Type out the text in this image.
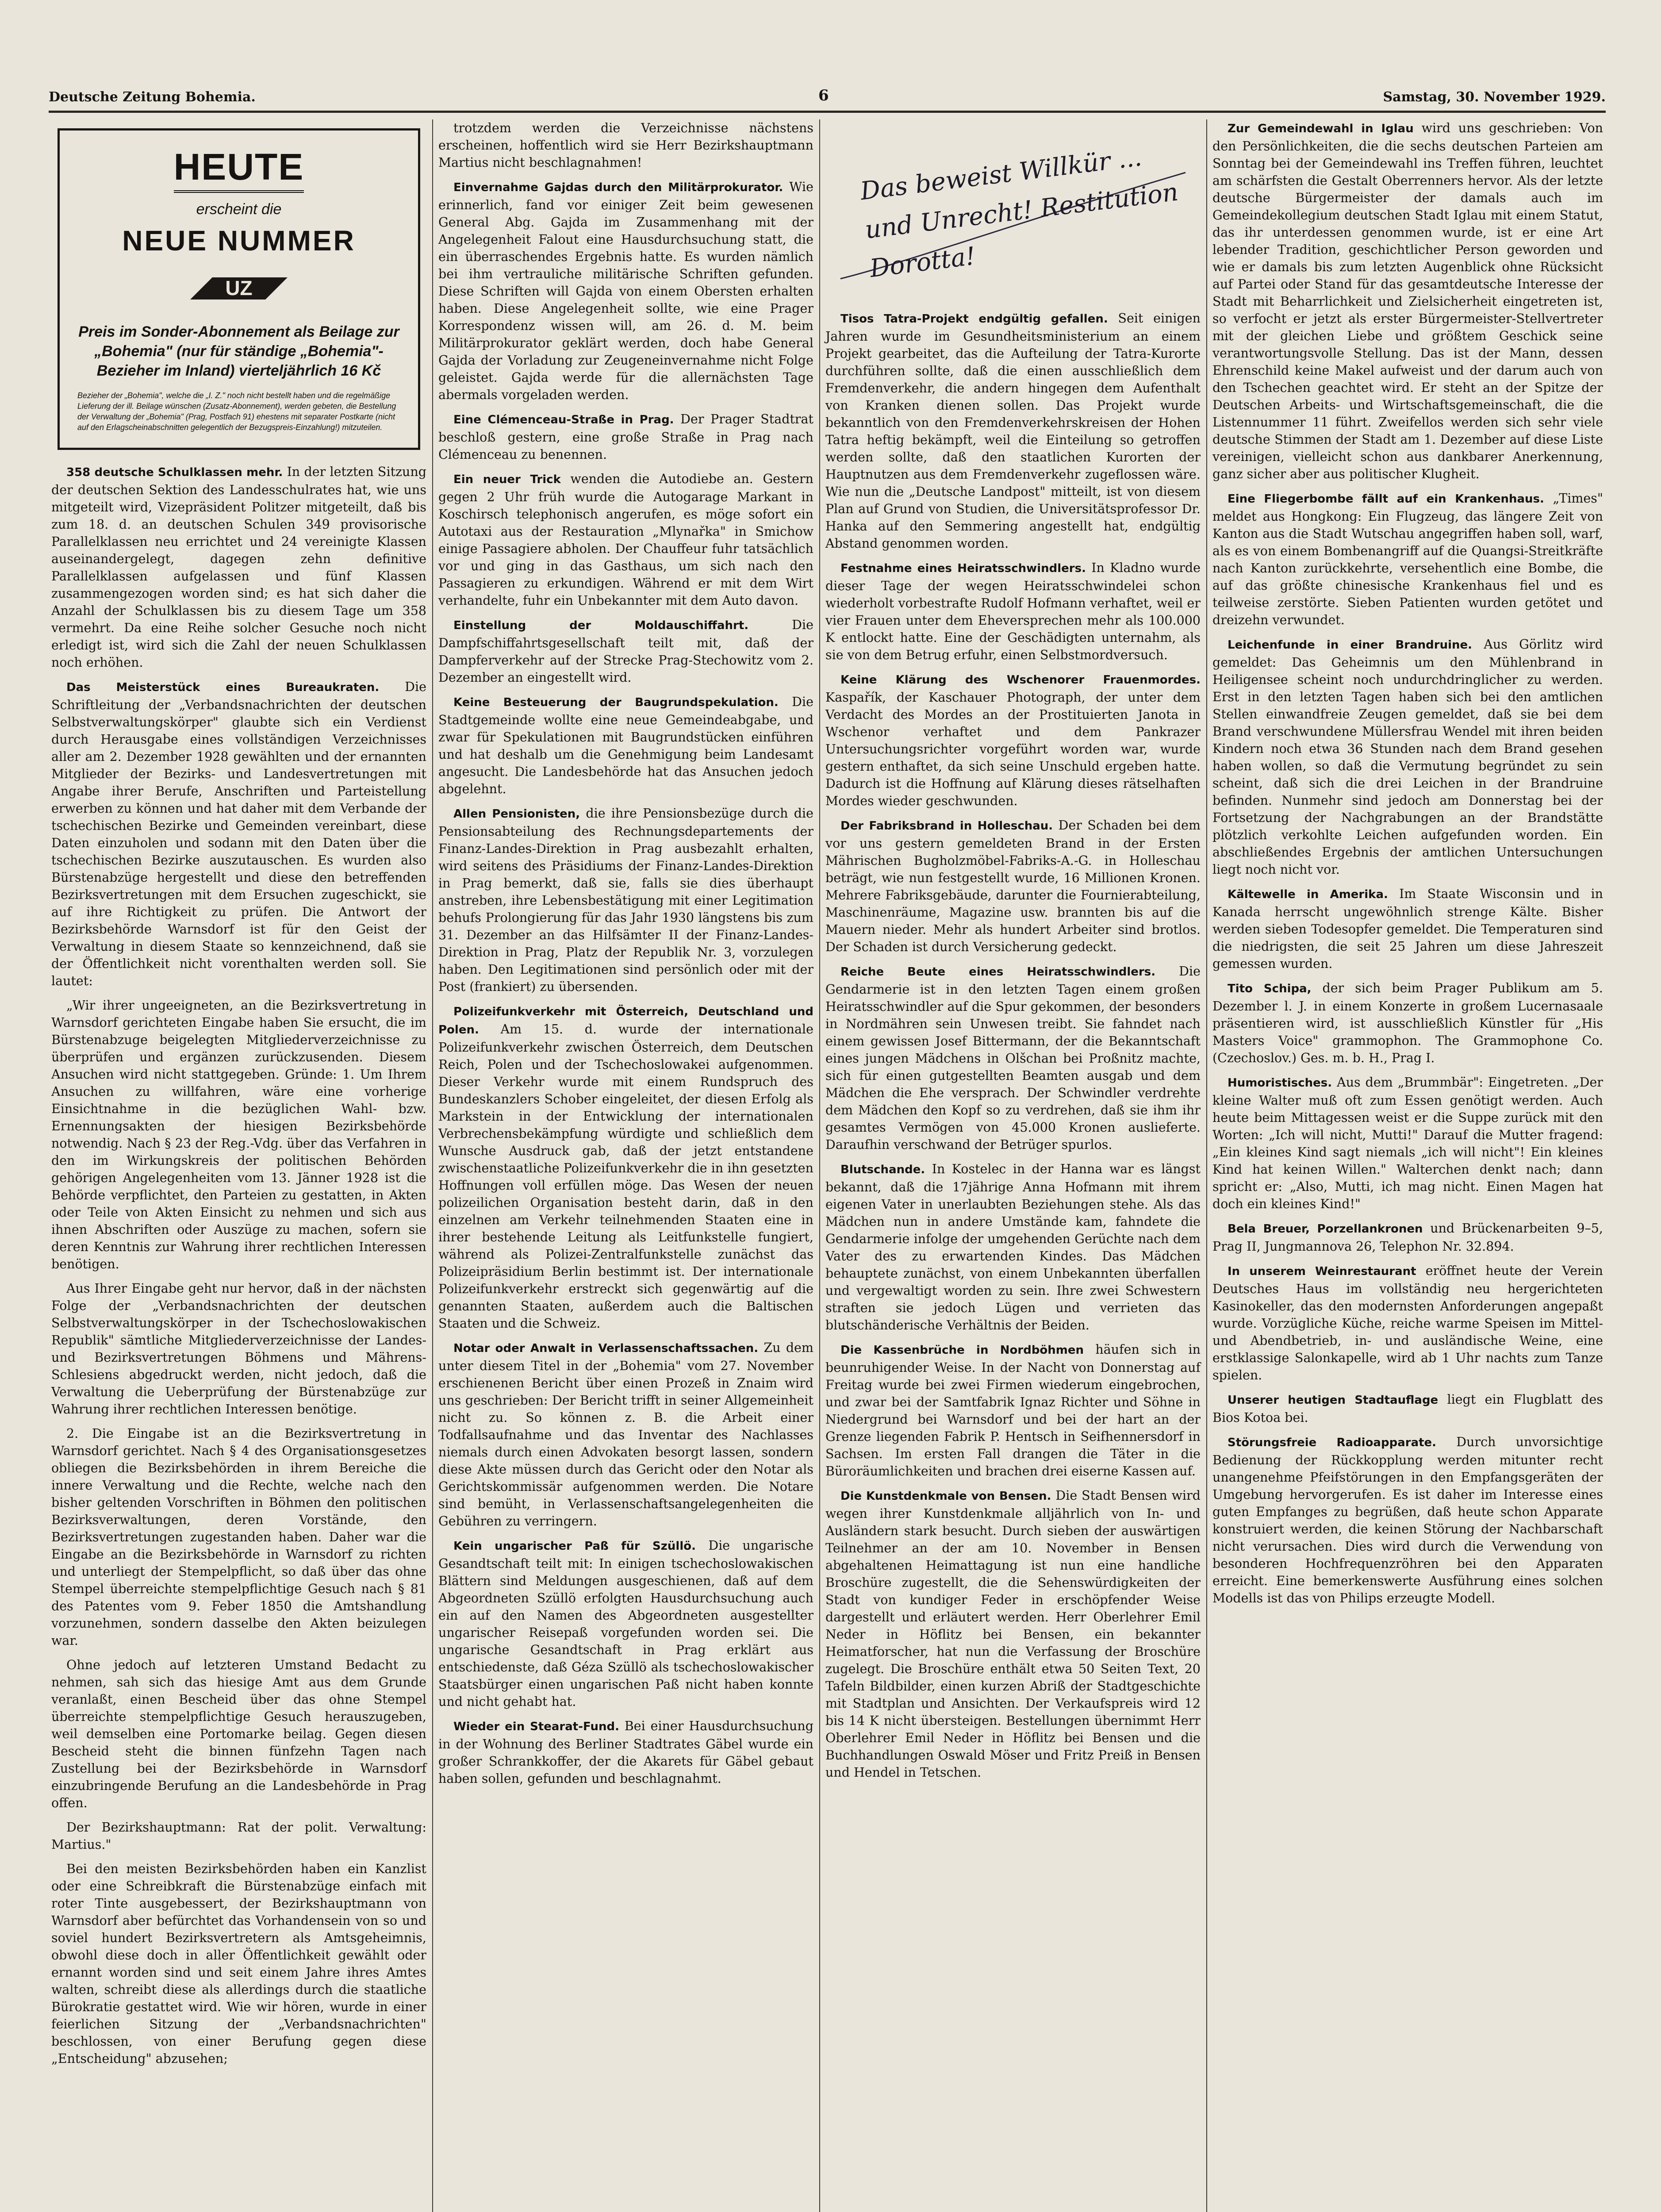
Deutsche Zeitung Bohemia.	6	Samstag, 30. November 1929.
HEUTE
erscheint die
NEUE NUMMER
UZ
Preis im Sonder-Abonnement als Beilage zur „Bohemia" (nur für ständige „Bohemia"-Bezieher im Inland) vierteljährlich 16 Kč
Bezieher der „Bohemia", welche die „I. Z." noch nicht bestellt haben und die regelmäßige Lieferung der ill. Beilage wünschen (Zusatz-Abonnement), werden gebeten, die Bestellung der Verwaltung der „Bohemia" (Prag, Postfach 91) ehestens mit separater Postkarte (nicht auf den Erlagscheinabschnitten gelegentlich der Bezugspreis-Einzahlung!) mitzuteilen.

358 deutsche Schulklassen mehr. In der letzten Sitzung der deutschen Sektion des Landesschulrates hat, wie uns mitgeteilt wird, Vizepräsident Politzer mitgeteilt, daß bis zum 18. d. an deutschen Schulen 349 provisorische Parallelklassen neu errichtet und 24 vereinigte Klassen auseinandergelegt, dagegen zehn definitive Parallelklassen aufgelassen und fünf Klassen zusammengezogen worden sind; es hat sich daher die Anzahl der Schulklassen bis zu diesem Tage um 358 vermehrt. Da eine Reihe solcher Gesuche noch nicht erledigt ist, wird sich die Zahl der neuen Schulklassen noch erhöhen.

Das Meisterstück eines Bureaukraten. Die Schriftleitung der „Verbandsnachrichten der deutschen Selbstverwaltungskörper" glaubte sich ein Verdienst durch Herausgabe eines vollständigen Verzeichnisses aller am 2. Dezember 1928 gewählten und der ernannten Mitglieder der Bezirks- und Landesvertretungen mit Angabe ihrer Berufe, Anschriften und Parteistellung erwerben zu können und hat daher mit dem Verbande der tschechischen Bezirke und Gemeinden vereinbart, diese Daten einzuholen und sodann mit den Daten über die tschechischen Bezirke auszutauschen. Es wurden also Bürstenabzüge hergestellt und diese den betreffenden Bezirksvertretungen mit dem Ersuchen zugeschickt, sie auf ihre Richtigkeit zu prüfen. Die Antwort der Bezirksbehörde Warnsdorf ist für den Geist der Verwaltung in diesem Staate so kennzeichnend, daß sie der Öffentlichkeit nicht vorenthalten werden soll. Sie lautet:

„Wir ihrer ungeeigneten, an die Bezirksvertretung in Warnsdorf gerichteten Eingabe haben Sie ersucht, die im Bürstenabzuge beigelegten Mitgliederverzeichnisse zu überprüfen und ergänzen zurückzusenden. Diesem Ansuchen wird nicht stattgegeben. Gründe: 1. Um Ihrem Ansuchen zu willfahren, wäre eine vorherige Einsichtnahme in die bezüglichen Wahl- bzw. Ernennungsakten der hiesigen Bezirksbehörde notwendig. Nach § 23 der Reg.-Vdg. über das Verfahren in den im Wirkungskreis der politischen Behörden gehörigen Angelegenheiten vom 13. Jänner 1928 ist die Behörde verpflichtet, den Parteien zu gestatten, in Akten oder Teile von Akten Einsicht zu nehmen und sich aus ihnen Abschriften oder Auszüge zu machen, sofern sie deren Kenntnis zur Wahrung ihrer rechtlichen Interessen benötigen.

Aus Ihrer Eingabe geht nur hervor, daß in der nächsten Folge der „Verbandsnachrichten der deutschen Selbstverwaltungskörper in der Tschechoslowakischen Republik" sämtliche Mitgliederverzeichnisse der Landes- und Bezirksvertretungen Böhmens und Mährens-Schlesiens abgedruckt werden, nicht jedoch, daß die Verwaltung die Ueberprüfung der Bürstenabzüge zur Wahrung ihrer rechtlichen Interessen benötige.

2. Die Eingabe ist an die Bezirksvertretung in Warnsdorf gerichtet. Nach § 4 des Organisationsgesetzes obliegen die Bezirksbehörden in ihrem Bereiche die innere Verwaltung und die Rechte, welche nach den bisher geltenden Vorschriften in Böhmen den politischen Bezirksverwaltungen, deren Vorstände, den Bezirksvertretungen zugestanden haben. Daher war die Eingabe an die Bezirksbehörde in Warnsdorf zu richten und unterliegt der Stempelpflicht, so daß über das ohne Stempel überreichte stempelpflichtige Gesuch nach § 81 des Patentes vom 9. Feber 1850 die Amtshandlung vorzunehmen, sondern dasselbe den Akten beizulegen war.

Ohne jedoch auf letzteren Umstand Bedacht zu nehmen, sah sich das hiesige Amt aus dem Grunde veranlaßt, einen Bescheid über das ohne Stempel überreichte stempelpflichtige Gesuch herauszugeben, weil demselben eine Portomarke beilag. Gegen diesen Bescheid steht die binnen fünfzehn Tagen nach Zustellung bei der Bezirksbehörde in Warnsdorf einzubringende Berufung an die Landesbehörde in Prag offen.

Der Bezirkshauptmann: Rat der polit. Verwaltung: Martius."

Bei den meisten Bezirksbehörden haben ein Kanzlist oder eine Schreibkraft die Bürstenabzüge einfach mit roter Tinte ausgebessert, der Bezirkshauptmann von Warnsdorf aber befürchtet das Vorhandensein von so und soviel hundert Bezirksvertretern als Amtsgeheimnis, obwohl diese doch in aller Öffentlichkeit gewählt oder ernannt worden sind und seit einem Jahre ihres Amtes walten, schreibt diese als allerdings durch die staatliche Bürokratie gestattet wird. Wie wir hören, wurde in einer feierlichen Sitzung der „Verbandsnachrichten" beschlossen, von einer Berufung gegen diese „Entscheidung" abzusehen;

trotzdem werden die Verzeichnisse nächstens erscheinen, hoffentlich wird sie Herr Bezirkshauptmann Martius nicht beschlagnahmen!

Einvernahme Gajdas durch den Militärprokurator. Wie erinnerlich, fand vor einiger Zeit beim gewesenen General Abg. Gajda im Zusammenhang mit der Angelegenheit Falout eine Hausdurchsuchung statt, die ein überraschendes Ergebnis hatte. Es wurden nämlich bei ihm vertrauliche militärische Schriften gefunden. Diese Schriften will Gajda von einem Obersten erhalten haben. Diese Angelegenheit sollte, wie eine Prager Korrespondenz wissen will, am 26. d. M. beim Militärprokurator geklärt werden, doch habe General Gajda der Vorladung zur Zeugeneinvernahme nicht Folge geleistet. Gajda werde für die allernächsten Tage abermals vorgeladen werden.

Eine Clémenceau-Straße in Prag. Der Prager Stadtrat beschloß gestern, eine große Straße in Prag nach Clémenceau zu benennen.

Ein neuer Trick wenden die Autodiebe an. Gestern gegen 2 Uhr früh wurde die Autogarage Markant in Koschirsch telephonisch angerufen, es möge sofort ein Autotaxi aus der Restauration „Mlynařka" in Smichow einige Passagiere abholen. Der Chauffeur fuhr tatsächlich vor und ging in das Gasthaus, um sich nach den Passagieren zu erkundigen. Während er mit dem Wirt verhandelte, fuhr ein Unbekannter mit dem Auto davon.

Einstellung der Moldauschiffahrt.	Die Dampfschiffahrtsgesellschaft teilt mit, daß der Dampferverkehr auf der Strecke Prag-Stechowitz vom 2. Dezember an eingestellt wird.

Keine Besteuerung der Baugrundspekulation. Die Stadtgemeinde wollte eine neue Gemeindeabgabe, und zwar für Spekulationen mit Baugrundstücken einführen und hat deshalb um die Genehmigung beim Landesamt angesucht. Die Landesbehörde hat das Ansuchen jedoch abgelehnt.

Allen Pensionisten, die ihre Pensionsbezüge durch die Pensionsabteilung des Rechnungsdepartements der Finanz-Landes-Direktion in Prag ausbezahlt erhalten, wird seitens des Präsidiums der Finanz-Landes-Direktion in Prag bemerkt, daß sie, falls sie dies überhaupt anstreben, ihre Lebensbestätigung mit einer Legitimation behufs Prolongierung für das Jahr 1930 längstens bis zum 31. Dezember an das Hilfsämter II der Finanz-Landes-Direktion in Prag, Platz der Republik Nr. 3, vorzulegen haben. Den Legitimationen sind persönlich oder mit der Post (frankiert) zu übersenden.

Polizeifunkverkehr mit Österreich, Deutschland und Polen. Am 15. d. wurde der internationale Polizeifunkverkehr zwischen Österreich, dem Deutschen Reich, Polen und der Tschechoslowakei aufgenommen. Dieser Verkehr wurde mit einem Rundspruch des Bundeskanzlers Schober eingeleitet, der diesen Erfolg als Markstein in der Entwicklung der internationalen Verbrechensbekämpfung würdigte und schließlich dem Wunsche Ausdruck gab, daß der jetzt entstandene zwischenstaatliche Polizeifunkverkehr die in ihn gesetzten Hoffnungen voll erfüllen möge. Das Wesen der neuen polizeilichen Organisation besteht darin, daß in den einzelnen am Verkehr teilnehmenden Staaten eine in ihrer bestehende Leitung als Leitfunkstelle fungiert, während als Polizei-Zentralfunkstelle zunächst das Polizeipräsidium Berlin bestimmt ist. Der internationale Polizeifunkverkehr erstreckt sich gegenwärtig auf die genannten Staaten, außerdem auch die Baltischen Staaten und die Schweiz.

Notar oder Anwalt in Verlassenschaftssachen. Zu dem unter diesem Titel in der „Bohemia" vom 27. November erschienenen Bericht über einen Prozeß in Znaim wird uns geschrieben: Der Bericht trifft in seiner Allgemeinheit nicht zu. So können z. B. die Arbeit einer Todfallsaufnahme und das Inventar des Nachlasses niemals durch einen Advokaten besorgt lassen, sondern diese Akte müssen durch das Gericht oder den Notar als Gerichtskommissär aufgenommen werden. Die Notare sind bemüht, in Verlassenschaftsangelegenheiten die Gebühren zu verringern.

Kein ungarischer Paß für Szüllö. Die ungarische Gesandtschaft teilt mit: In einigen tschechoslowakischen Blättern sind Meldungen ausgeschienen, daß auf dem Abgeordneten Szüllö erfolgten Hausdurchsuchung auch ein auf den Namen des Abgeordneten ausgestellter ungarischer Reisepaß vorgefunden worden sei. Die ungarische Gesandtschaft in Prag erklärt aus entschiedenste, daß Géza Szüllö als tschechoslowakischer Staatsbürger einen ungarischen Paß nicht haben konnte und nicht gehabt hat.

Wieder ein Stearat-Fund. Bei einer Hausdurchsuchung in der Wohnung des Berliner Stadtrates Gäbel wurde ein großer Schrankkoffer, der die Akarets für Gäbel gebaut haben sollen, gefunden und beschlagnahmt.

Das beweist Willkür ... und Unrecht! Restitution Dorotta!

Tisos Tatra-Projekt endgültig gefallen. Seit einigen Jahren wurde im Gesundheitsministerium an einem Projekt gearbeitet, das die Aufteilung der Tatra-Kurorte durchführen sollte, daß die einen ausschließlich dem Fremdenverkehr, die andern hingegen dem Aufenthalt von Kranken dienen sollen. Das Projekt wurde bekanntlich von den Fremdenverkehrskreisen der Hohen Tatra heftig bekämpft, weil die Einteilung so getroffen werden sollte, daß den staatlichen Kurorten der Hauptnutzen aus dem Fremdenverkehr zugeflossen wäre. Wie nun die „Deutsche Landpost" mitteilt, ist von diesem Plan auf Grund von Studien, die Universitätsprofessor Dr. Hanka auf den Semmering angestellt hat, endgültig Abstand genommen worden.

Festnahme eines Heiratsschwindlers. In Kladno wurde dieser Tage der wegen Heiratsschwindelei schon wiederholt vorbestrafte Rudolf Hofmann verhaftet, weil er vier Frauen unter dem Eheversprechen mehr als 100.000 K entlockt hatte. Eine der Geschädigten unternahm, als sie von dem Betrug erfuhr, einen Selbstmordversuch.

Keine Klärung des Wschenorer Frauenmordes. Kaspařík, der Kaschauer Photograph, der unter dem Verdacht des Mordes an der Prostituierten Janota in Wschenor verhaftet und dem Pankrazer Untersuchungsrichter vorgeführt worden war, wurde gestern enthaftet, da sich seine Unschuld ergeben hatte. Dadurch ist die Hoffnung auf Klärung dieses rätselhaften Mordes wieder geschwunden.

Der Fabriksbrand in Holleschau. Der Schaden bei dem vor uns gestern gemeldeten Brand in der Ersten Mährischen Bugholzmöbel-Fabriks-A.-G. in Holleschau beträgt, wie nun festgestellt wurde, 16 Millionen Kronen. Mehrere Fabriksgebäude, darunter die Fournierabteilung, Maschinenräume, Magazine usw. brannten bis auf die Mauern nieder. Mehr als hundert Arbeiter sind brotlos. Der Schaden ist durch Versicherung gedeckt.

Reiche Beute eines Heiratsschwindlers. Die Gendarmerie ist in den letzten Tagen einem großen Heiratsschwindler auf die Spur gekommen, der besonders in Nordmähren sein Unwesen treibt. Sie fahndet nach einem gewissen Josef Bittermann, der die Bekanntschaft eines jungen Mädchens in Olšchan bei Proßnitz machte, sich für einen gutgestellten Beamten ausgab und dem Mädchen die Ehe versprach. Der Schwindler verdrehte dem Mädchen den Kopf so zu verdrehen, daß sie ihm ihr gesamtes Vermögen von 45.000 Kronen auslieferte. Daraufhin verschwand der Betrüger spurlos.

Blutschande. In Kostelec in der Hanna war es längst bekannt, daß die 17jährige Anna Hofmann mit ihrem eigenen Vater in unerlaubten Beziehungen stehe. Als das Mädchen nun in andere Umstände kam, fahndete die Gendarmerie infolge der umgehenden Gerüchte nach dem Vater des zu erwartenden Kindes. Das Mädchen behauptete zunächst, von einem Unbekannten überfallen und vergewaltigt worden zu sein. Ihre zwei Schwestern straften sie jedoch Lügen und verrieten das blutschänderische Verhältnis der Beiden.

Die Kassenbrüche in Nordböhmen häufen sich in beunruhigender Weise. In der Nacht von Donnerstag auf Freitag wurde bei zwei Firmen wiederum eingebrochen, und zwar bei der Samtfabrik Ignaz Richter und Söhne in Niedergrund bei Warnsdorf und bei der hart an der Grenze liegenden Fabrik P. Hentsch in Seifhennersdorf in Sachsen. Im ersten Fall drangen die Täter in die Büroräumlichkeiten und brachen drei eiserne Kassen auf.

Die Kunstdenkmale von Bensen. Die Stadt Bensen wird wegen ihrer Kunstdenkmale alljährlich von In- und Ausländern stark besucht. Durch sieben der auswärtigen Teilnehmer an der am 10. November in Bensen abgehaltenen Heimattagung ist nun eine handliche Broschüre zugestellt, die die Sehenswürdigkeiten der Stadt von kundiger Feder in erschöpfender Weise dargestellt und erläutert werden. Herr Oberlehrer Emil Neder in Höflitz bei Bensen, ein bekannter Heimatforscher, hat nun die Verfassung der Broschüre zugelegt. Die Broschüre enthält etwa 50 Seiten Text, 20 Tafeln Bildbilder, einen kurzen Abriß der Stadtgeschichte mit Stadtplan und Ansichten. Der Verkaufspreis wird 12 bis 14 K nicht übersteigen. Bestellungen übernimmt Herr Oberlehrer Emil Neder in Höflitz bei Bensen und die Buchhandlungen Oswald Möser und Fritz Preiß in Bensen und Hendel in Tetschen.

Zur Gemeindewahl in Iglau wird uns geschrieben: Von den Persönlichkeiten, die die sechs deutschen Parteien am Sonntag bei der Gemeindewahl ins Treffen führen, leuchtet am schärfsten die Gestalt Oberrenners hervor. Als der letzte deutsche Bürgermeister der damals auch im Gemeindekollegium deutschen Stadt Iglau mit einem Statut, das ihr unterdessen genommen wurde, ist er eine Art lebender Tradition, geschichtlicher Person geworden und wie er damals bis zum letzten Augenblick ohne Rücksicht auf Partei oder Stand für das gesamtdeutsche Interesse der Stadt mit Beharrlichkeit und Zielsicherheit eingetreten ist, so verfocht er jetzt als erster Bürgermeister-Stellvertreter mit der gleichen Liebe und größtem Geschick seine verantwortungsvolle Stellung. Das ist der Mann, dessen Ehrenschild keine Makel aufweist und der darum auch von den Tschechen geachtet wird. Er steht an der Spitze der Deutschen Arbeits- und Wirtschaftsgemeinschaft, die die Listennummer 11 führt. Zweifellos werden sich sehr viele deutsche Stimmen der Stadt am 1. Dezember auf diese Liste vereinigen, vielleicht schon aus dankbarer Anerkennung, ganz sicher aber aus politischer Klugheit.

Eine Fliegerbombe fällt auf ein Krankenhaus. „Times" meldet aus Hongkong: Ein Flugzeug, das längere Zeit von Kanton aus die Stadt Wutschau angegriffen haben soll, warf, als es von einem Bombenangriff auf die Quangsi-Streitkräfte nach Kanton zurückkehrte, versehentlich eine Bombe, die auf das größte chinesische Krankenhaus fiel und es teilweise zerstörte. Sieben Patienten wurden getötet und dreizehn verwundet.

Leichenfunde in einer Brandruine. Aus Görlitz wird gemeldet: Das Geheimnis um den Mühlenbrand in Heiligensee scheint noch undurchdringlicher zu werden. Erst in den letzten Tagen haben sich bei den amtlichen Stellen einwandfreie Zeugen gemeldet, daß sie bei dem Brand verschwundene Müllersfrau Wendel mit ihren beiden Kindern noch etwa 36 Stunden nach dem Brand gesehen haben wollen, so daß die Vermutung begründet zu sein scheint, daß sich die drei Leichen in der Brandruine befinden. Nunmehr sind jedoch am Donnerstag bei der Fortsetzung der Nachgrabungen an der Brandstätte plötzlich verkohlte Leichen aufgefunden worden. Ein abschließendes Ergebnis der amtlichen Untersuchungen liegt noch nicht vor.

Kältewelle in Amerika. Im Staate Wisconsin und in Kanada herrscht ungewöhnlich strenge Kälte. Bisher werden sieben Todesopfer gemeldet. Die Temperaturen sind die niedrigsten, die seit 25 Jahren um diese Jahreszeit gemessen wurden.

Tito Schipa, der sich beim Prager Publikum am 5. Dezember l. J. in einem Konzerte in großem Lucernasaale präsentieren wird, ist ausschließlich Künstler für „His Masters Voice" grammophon. The Grammophone Co. (Czechoslov.) Ges. m. b. H., Prag I.

Humoristisches. Aus dem „Brummbär": Eingetreten. „Der kleine Walter muß oft zum Essen genötigt werden. Auch heute beim Mittagessen weist er die Suppe zurück mit den Worten: „Ich will nicht, Mutti!" Darauf die Mutter fragend: „Ein kleines Kind sagt niemals „ich will nicht"! Ein kleines Kind hat keinen Willen." Walterchen denkt nach; dann spricht er: „Also, Mutti, ich mag nicht. Einen Magen hat doch ein kleines Kind!"

Bela Breuer, Porzellankronen und Brückenarbeiten 9–5, Prag II, Jungmannova 26, Telephon Nr. 32.894.

In unserem Weinrestaurant eröffnet heute der Verein Deutsches Haus im vollständig neu hergerichteten Kasinokeller, das den modernsten Anforderungen angepaßt wurde. Vorzügliche Küche, reiche warme Speisen im Mittel- und Abendbetrieb, in- und ausländische Weine, eine erstklassige Salonkapelle, wird ab 1 Uhr nachts zum Tanze spielen.

Unserer heutigen Stadtauflage liegt ein Flugblatt des Bios Kotoa bei.

Störungsfreie Radioapparate. Durch unvorsichtige Bedienung der Rückkopplung werden mitunter recht unangenehme Pfeifstörungen in den Empfangsgeräten der Umgebung hervorgerufen. Es ist daher im Interesse eines guten Empfanges zu begrüßen, daß heute schon Apparate konstruiert werden, die keinen Störung der Nachbarschaft nicht verursachen. Dies wird durch die Verwendung von besonderen Hochfrequenzröhren bei den Apparaten erreicht. Eine bemerkenswerte Ausführung eines solchen Modells ist das von Philips erzeugte Modell.
